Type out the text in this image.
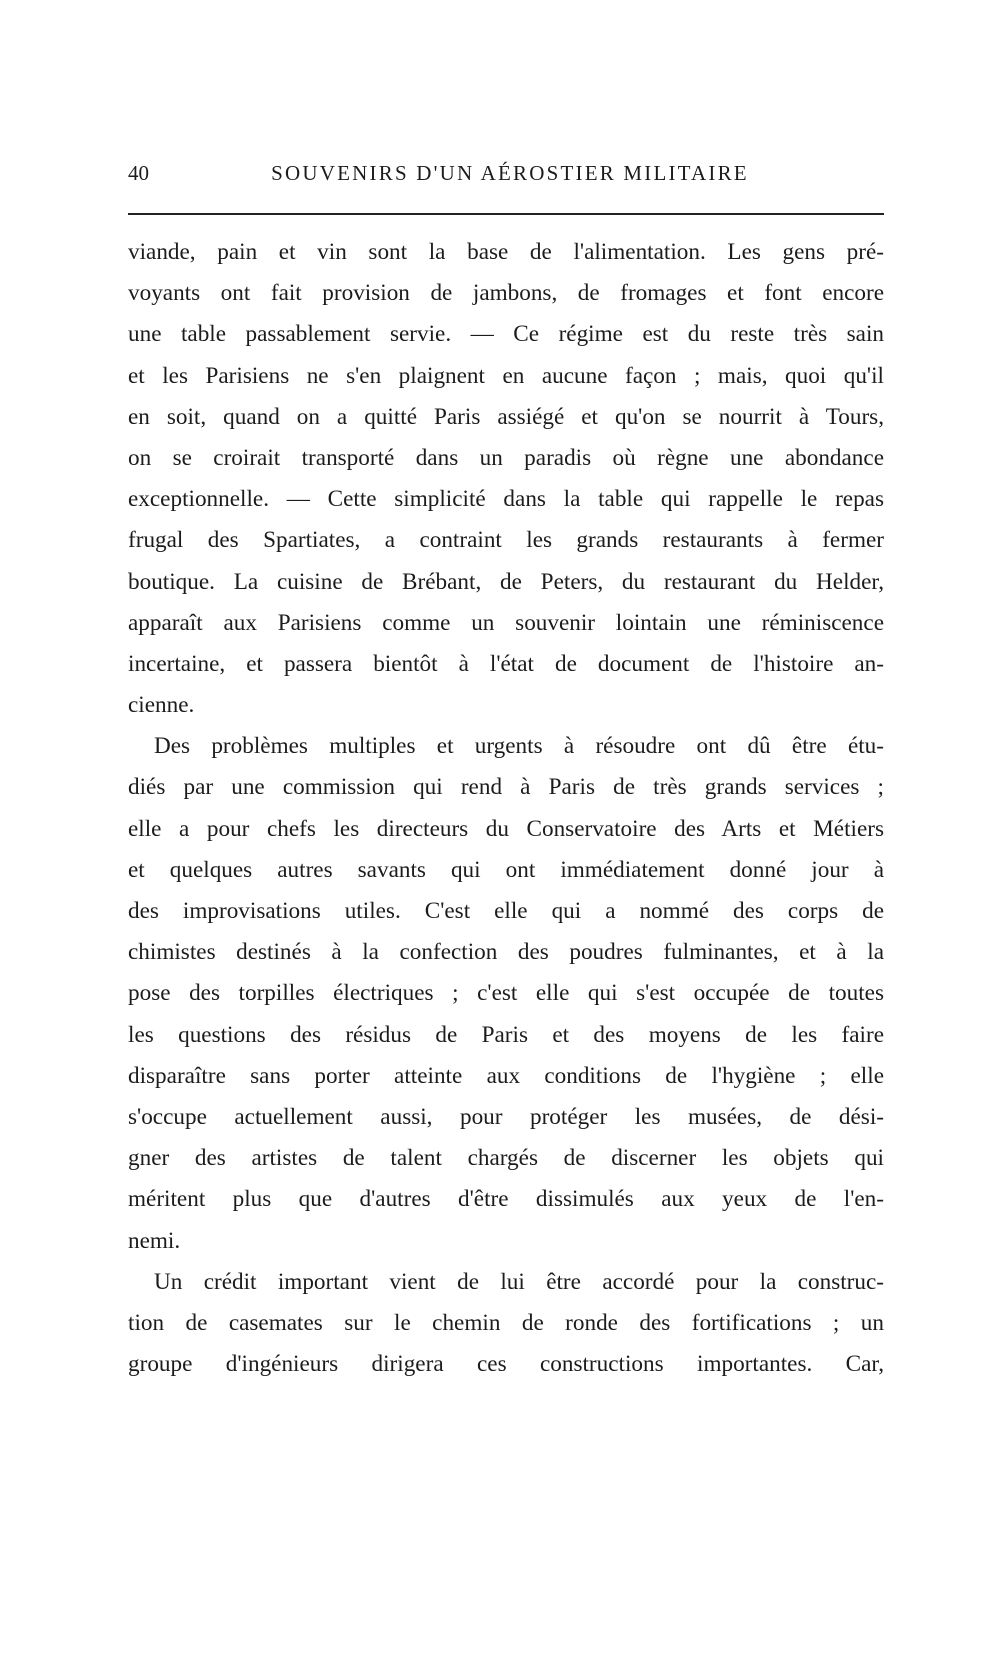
40	SOUVENIRS D'UN AÉROSTIER MILITAIRE
viande, pain et vin sont la base de l'alimentation. Les gens pré-
voyants ont fait provision de jambons, de fromages et font encore
une table passablement servie. — Ce régime est du reste très sain
et les Parisiens ne s'en plaignent en aucune façon ; mais, quoi qu'il
en soit, quand on a quitté Paris assiégé et qu'on se nourrit à Tours,
on se croirait transporté dans un paradis où règne une abondance
exceptionnelle. — Cette simplicité dans la table qui rappelle le repas
frugal des Spartiates, a contraint les grands restaurants à fermer
boutique. La cuisine de Brébant, de Peters, du restaurant du Helder,
apparaît aux Parisiens comme un souvenir lointain une réminiscence
incertaine, et passera bientôt à l'état de document de l'histoire an-
cienne.
Des problèmes multiples et urgents à résoudre ont dû être étu-
diés par une commission qui rend à Paris de très grands services ;
elle a pour chefs les directeurs du Conservatoire des Arts et Métiers
et quelques autres savants qui ont immédiatement donné jour à
des improvisations utiles. C'est elle qui a nommé des corps de
chimistes destinés à la confection des poudres fulminantes, et à la
pose des torpilles électriques ; c'est elle qui s'est occupée de toutes
les questions des résidus de Paris et des moyens de les faire
disparaître sans porter atteinte aux conditions de l'hygiène ; elle
s'occupe actuellement aussi, pour protéger les musées, de dési-
gner des artistes de talent chargés de discerner les objets qui
méritent plus que d'autres d'être dissimulés aux yeux de l'en-
nemi.
Un crédit important vient de lui être accordé pour la construc-
tion de casemates sur le chemin de ronde des fortifications ; un
groupe d'ingénieurs dirigera ces constructions importantes. Car,
